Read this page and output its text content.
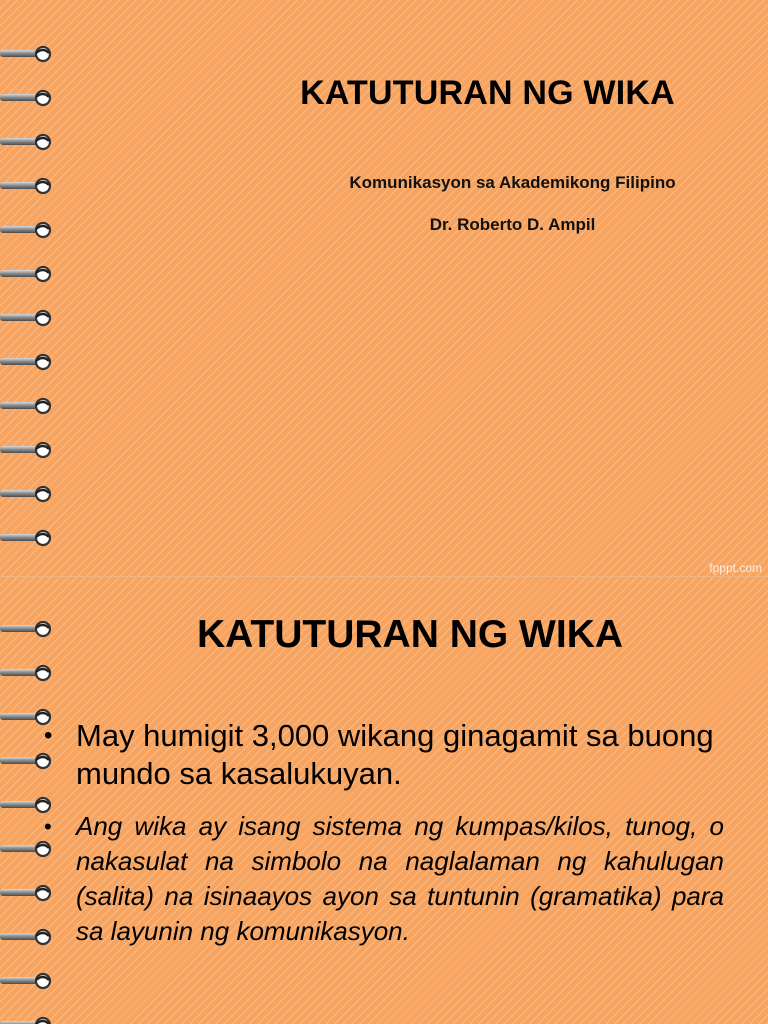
KATUTURAN NG WIKA
Komunikasyon sa Akademikong Filipino
Dr. Roberto D. Ampil
fpppt.com
KATUTURAN NG WIKA
• May humigit 3,000 wikang ginagamit sa buong mundo sa kasalukuyan.
• Ang wika ay isang sistema ng kumpas/kilos, tunog, o nakasulat na simbolo na naglalaman ng kahulugan (salita) na isinaayos ayon sa tuntunin (gramatika) para sa layunin ng komunikasyon.
